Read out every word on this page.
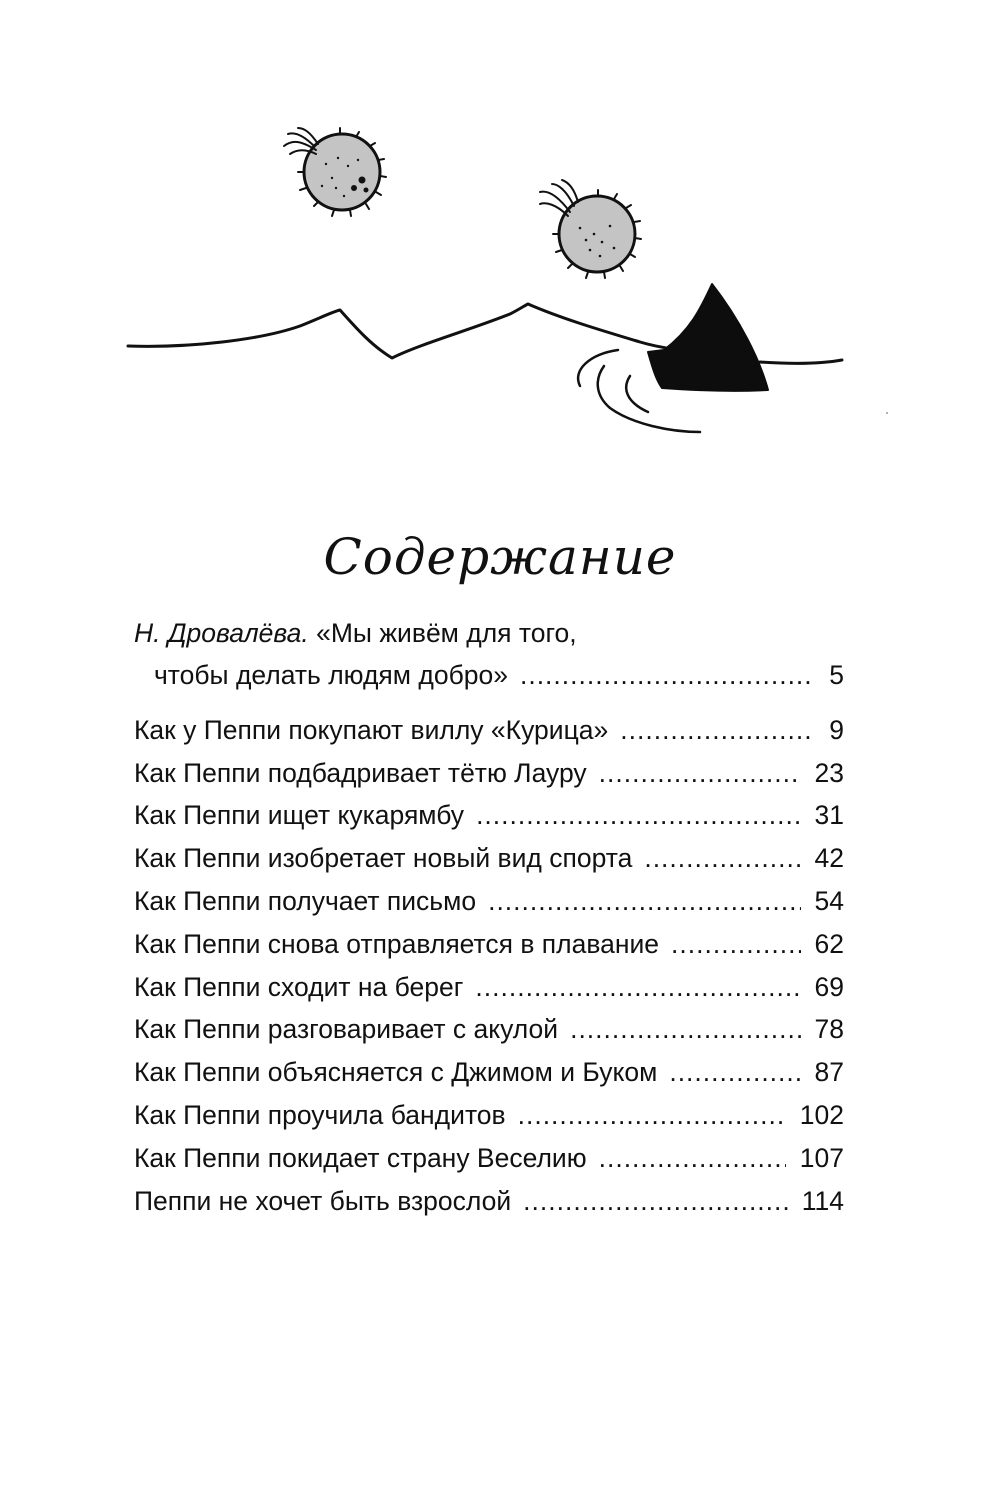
Содержание
Н. Дровалёва. «Мы живём для того,
чтобы делать людям добро» .....	5
Как у Пеппи покупают виллу «Курица» .....	9
Как Пеппи подбадривает тётю Лауру .....	23
Как Пеппи ищет кукарямбу .....	31
Как Пеппи изобретает новый вид спорта .....	42
Как Пеппи получает письмо .....	54
Как Пеппи снова отправляется в плавание .....	62
Как Пеппи сходит на берег .....	69
Как Пеппи разговаривает с акулой .....	78
Как Пеппи объясняется с Джимом и Буком .....	87
Как Пеппи проучила бандитов .....	102
Как Пеппи покидает страну Веселию .....	107
Пеппи не хочет быть взрослой .....	114
